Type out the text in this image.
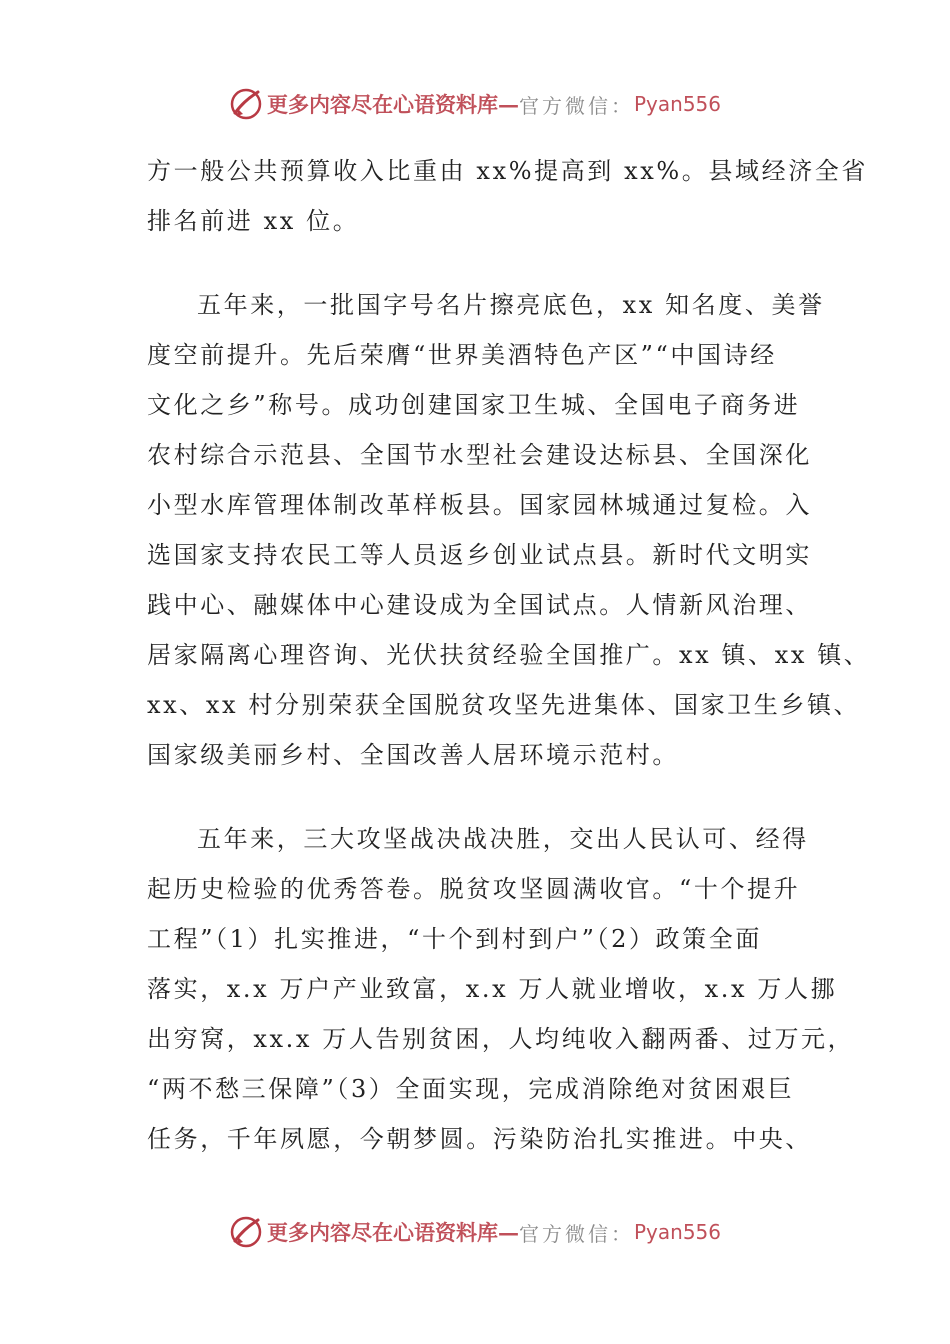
更多内容尽在心语资料库 — 官方微信： Pyan556

方一般公共预算收入比重由 xx%提高到 xx%。县域经济全省
排名前进 xx 位。

五年来，一批国字号名片擦亮底色，xx 知名度、美誉
度空前提升。先后荣膺“世界美酒特色产区”“中国诗经
文化之乡”称号。成功创建国家卫生城、全国电子商务进
农村综合示范县、全国节水型社会建设达标县、全国深化
小型水库管理体制改革样板县。国家园林城通过复检。入
选国家支持农民工等人员返乡创业试点县。新时代文明实
践中心、融媒体中心建设成为全国试点。人情新风治理、
居家隔离心理咨询、光伏扶贫经验全国推广。xx 镇、xx 镇、
xx、xx 村分别荣获全国脱贫攻坚先进集体、国家卫生乡镇、
国家级美丽乡村、全国改善人居环境示范村。

五年来，三大攻坚战决战决胜，交出人民认可、经得
起历史检验的优秀答卷。脱贫攻坚圆满收官。“十个提升
工程”（1）扎实推进，“十个到村到户”（2）政策全面
落实，x.x 万户产业致富，x.x 万人就业增收，x.x 万人挪
出穷窝，xx.x 万人告别贫困，人均纯收入翻两番、过万元，
“两不愁三保障”（3）全面实现，完成消除绝对贫困艰巨
任务，千年夙愿，今朝梦圆。污染防治扎实推进。中央、

更多内容尽在心语资料库 — 官方微信： Pyan556
